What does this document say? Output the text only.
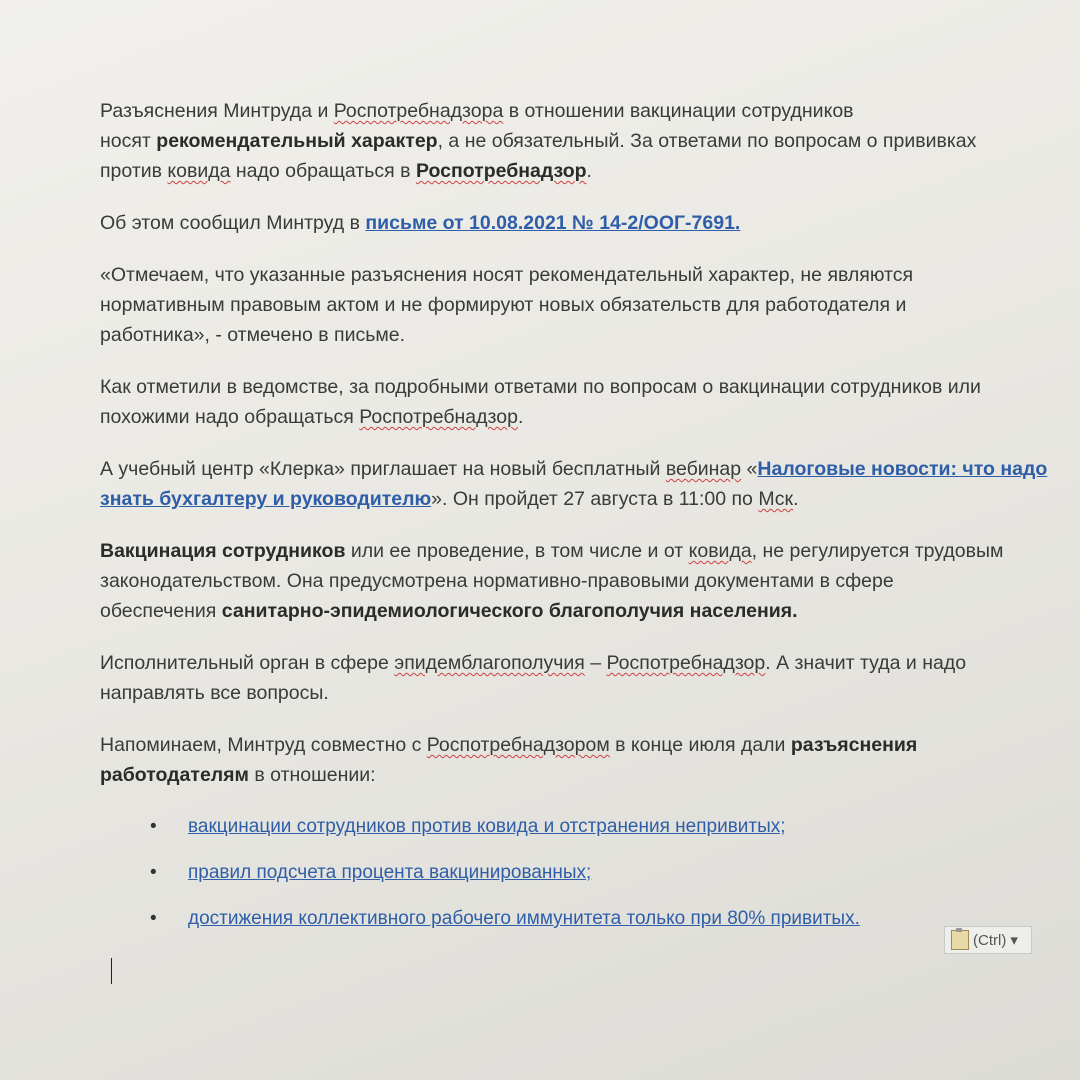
Разъяснения Минтруда и Роспотребнадзора в отношении вакцинации сотрудников
носят рекомендательный характер, а не обязательный. За ответами по вопросам о прививках
против ковида надо обращаться в Роспотребнадзор.

Об этом сообщил Минтруд в письме от 10.08.2021 № 14-2/ООГ-7691.

«Отмечаем, что указанные разъяснения носят рекомендательный характер, не являются
нормативным правовым актом и не формируют новых обязательств для работодателя и
работника», - отмечено в письме.

Как отметили в ведомстве, за подробными ответами по вопросам о вакцинации сотрудников или
похожими надо обращаться Роспотребнадзор.

А учебный центр «Клерка» приглашает на новый бесплатный вебинар «Налоговые новости: что надо знать бухгалтеру и руководителю». Он пройдет 27 августа в 11:00 по Мск.

Вакцинация сотрудников или ее проведение, в том числе и от ковида, не регулируется трудовым
законодательством. Она предусмотрена нормативно-правовыми документами в сфере
обеспечения санитарно-эпидемиологического благополучия населения.

Исполнительный орган в сфере эпидемблагополучия – Роспотребнадзор. А значит туда и надо
направлять все вопросы.

Напоминаем, Минтруд совместно с Роспотребнадзором в конце июля дали разъяснения
работодателям в отношении:

• вакцинации сотрудников против ковида и отстранения непривитых;
• правил подсчета процента вакцинированных;
• достижения коллективного рабочего иммунитета только при 80% привитых.
(Ctrl) ▾
